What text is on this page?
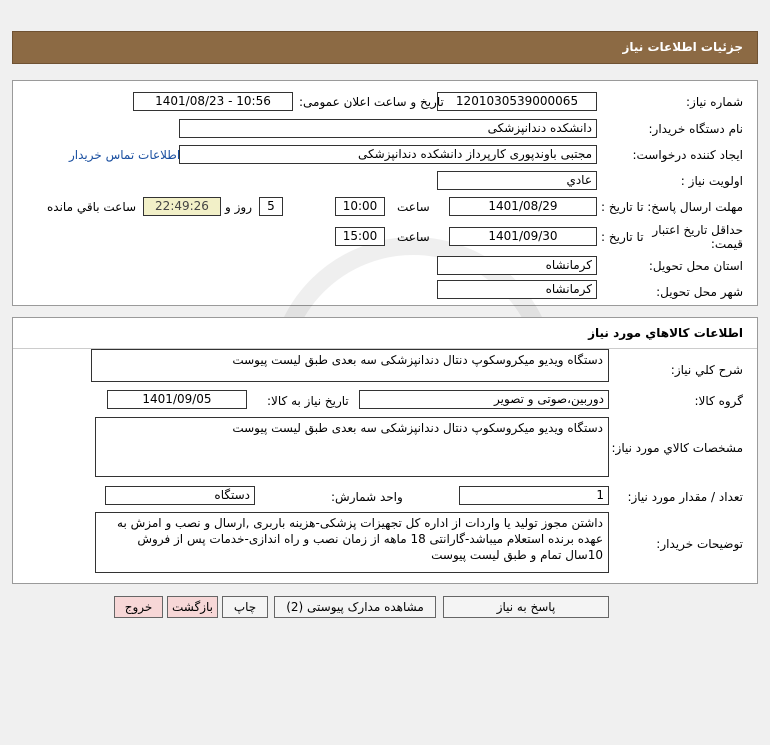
جزئیات اطلاعات نیاز
شماره نیاز:
1201030539000065
تاریخ و ساعت اعلان عمومی:
1401/08/23 - 10:56
نام دستگاه خریدار:
دانشکده دندانپزشکی
ایجاد کننده درخواست:
مجتبی باوندپوری کارپرداز دانشکده دندانپزشکی
اطلاعات تماس خریدار
اولویت نیاز :
عادي
مهلت ارسال پاسخ:
تا تاریخ :
1401/08/29
ساعت
10:00
5
روز و
22:49:26
ساعت باقي مانده
حداقل تاریخ اعتبار قیمت:
تا تاریخ :
1401/09/30
ساعت
15:00
استان محل تحویل:
کرمانشاه
شهر محل تحویل:
کرمانشاه
اطلاعات کالاهاي مورد نیاز
شرح کلي نیاز:
دستگاه ویدیو میکروسکوپ دنتال دندانپزشکی سه بعدی طبق لیست پیوست
گروه کالا:
دوربین،صوتی و تصویر
تاریخ نیاز به کالا:
1401/09/05
مشخصات کالاي مورد نیاز:
دستگاه ویدیو میکروسکوپ دنتال دندانپزشکی سه بعدی طبق لیست پیوست
تعداد / مقدار مورد نیاز:
1
واحد شمارش:
دستگاه
توضیحات خریدار:
داشتن مجوز تولید یا واردات از اداره کل تجهیزات پزشکی-هزینه باربری ,ارسال و نصب و امزش به عهده برنده استعلام میباشد-گارانتی 18 ماهه از زمان نصب و راه اندازی-خدمات پس از فروش 10سال تمام و طبق لیست پیوست
پاسخ به نیاز
مشاهده مدارک پیوستی (2)
چاپ
بازگشت
خروج
